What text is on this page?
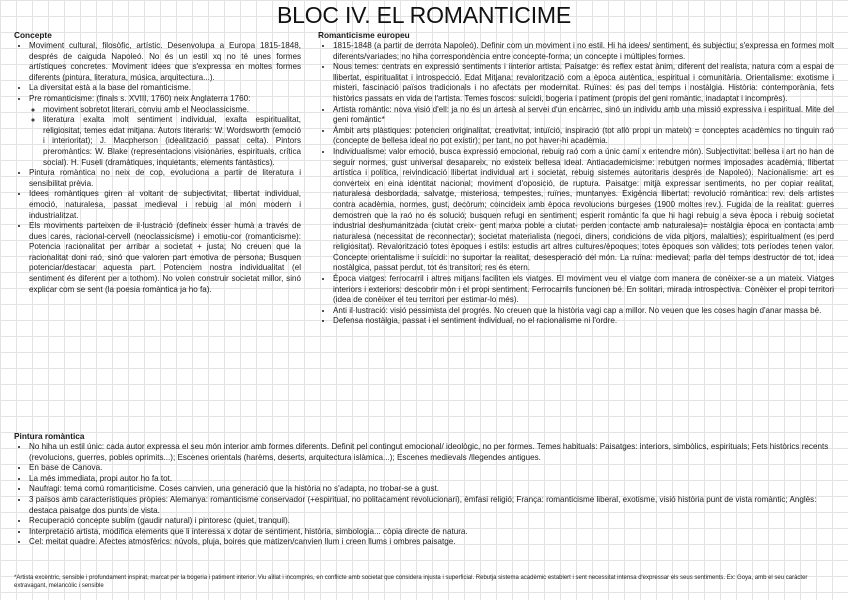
BLOC IV. EL ROMANTICIME
Concepte
• Moviment cultural, filosòfic, artístic. Desenvolupa a Europa 1815-1848, després de caiguda Napoleó. No és un estil xq no té unes formes artístiques concretes. Moviment idees que s'expressa en moltes formes diferents (pintura, literatura, música, arquitectura...).
• La diversitat està a la base del romanticisme.
• Pre romanticisme: (finals s. XVIII, 1760) neix Anglaterra 1760:
◦ moviment sobretot literari, conviu amb el Neoclassicisme.
◦ literatura exalta molt sentiment individual, exalta espiritualitat, religiositat, temes edat mitjana. Autors literaris: W. Wordsworth (emoció i interioritat); J. Macpherson (idealització passat celta). Pintors preromàntics: W. Blake (representacions visionàries, espirituals, crítica social). H. Fuseli (dramàtiques, inquietants, elements fantàstics).
• Pintura romàntica no neix de cop, evoluciona a partir de literatura i sensibilitat prèvia.
• Idees romàntiques giren al voltant de subjectivitat, llibertat individual, emoció, naturalesa, passat medieval i rebuig al món modern i industrialitzat.
• Els moviments parteixen de il·lustració (defineix ésser humà a través de dues cares, racional-cervell (neoclassicisme) i emotiu-cor (romanticisme): Potencia racionalitat per arribar a societat + justa; No creuen que la racionalitat doni raó, sinó que valoren part emotiva de persona; Busquen potenciar/destacar aquesta part. Potenciem nostra individualitat (el sentiment és diferent per a tothom). No volen construir societat millor, sinó explicar com se sent (la poesia romàntica ja ho fa).
Romanticisme europeu
• 1815-1848 (a partir de derrota Napoleó). Definir com un moviment i no estil. Hi ha idees/ sentiment, és subjectiu; s'expressa en formes molt diferents/variades; no hiha correspondència entre concepte-forma; un concepte i múltiples formes.
• Nous temes: centrats en expressió sentiments i iinterior artista. Paisatge: és reflex estat ànim, diferent del realista, natura com a espai de llibertat, espiritualitat i introspecció. Edat Mitjana: revalorització com a època autèntica, espiritual i comunitària. Orientalisme: exotisme i misteri, fascinació països tradicionals i no afectats per modernitat. Ruïnes: és pas del temps i nostàlgia. Història: contemporània, fets històrics passats en vida de l'artista. Temes foscos: suïcidi, bogeria i patiment (propis del geni romàntic, inadaptat i incomprès).
• Artista romàntic: nova visió d'ell: ja no és un artesà al servei d'un encàrrec, sinó un individu amb una missió expressiva i espiritual. Mite del geni romàntic*
• Àmbit arts plàstiques: potencien originalitat, creativitat, intuïció, inspiració (tot allò propi un mateix) = conceptes acadèmics no tinguin raó (concepte de bellesa ideal no pot existir); per tant, no pot haver-hi acadèmia.
• Individualisme: valor emoció, busca expressió emocional, rebuig raó com a únic camí x entendre món). Subjectivitat: bellesa i art no han de seguir normes, gust universal desapareix, no existeix bellesa ideal. Antiacademicisme: rebutgen normes imposades acadèmia, llibertat artística i política, reivindicació llibertat individual art i societat, rebuig sistemes autoritaris després de Napoleó). Nacionalisme: art es converteix en eina identitat nacional; moviment d'oposició, de ruptura. Paisatge: mitjà expressar sentiments, no per copiar realitat, naturalesa desbordada, salvatge, misteriosa, tempestes, ruïnes, muntanyes. Exigència llibertat: revolució romàntica: rev. dels artistes contra acadèmia, normes, gust, decòrum; coincideix amb època revolucions burgeses (1900 moltes rev.). Fugida de la realitat: guerres demostren que la raó no és solució; busquen refugi en sentiment; esperit romàntic fa que hi hagi rebuig a seva època i rebuig societat industrial deshumanitzada (ciutat creix- gent marxa poble a ciutat- perden contacte amb naturalesa)= nostàlgia època en contacta amb naturalesa (necessitat de reconnectar); societat materialista (negoci, diners, condicions de vida pitjors, malalties); espiritualment (es perd religiositat). Revalorització totes èpoques i estils: estudis art altres cultures/èpoques; totes èpoques son vàlides; tots períodes tenen valor. Concepte orientalisme i suïcidi: no suportar la realitat, desesperació del món. La ruïna: medieval; parla del temps destructor de tot, idea nostàlgica, passat perdut, tot és transitori; res és etern.
• Època viatges: ferrocarril i altres mitjans faciliten els viatges. El moviment veu el viatge com manera de conèixer-se a un mateix. Viatges interiors i exteriors: descobrir món i el propi sentiment. Ferrocarrils funcionen bé. En solitari, mirada introspectiva. Conèixer el propi territori (idea de conèixer el teu territori per estimar-lo més).
• Anti il·lustració: visió pessimista del progrés. No creuen que la història vagi cap a millor. No veuen que les coses hagin d'anar massa bé.
• Defensa nostàlgia, passat i el sentiment individual, no el racionalisme ni l'ordre.
Pintura romàntica
• No hiha un estil únic: cada autor expressa el seu món interior amb formes diferents. Definit pel contingut emocional/ ideològic, no per formes. Temes habituals: Paisatges: interiors, simbòlics, espirituals; Fets històrics recents (revolucions, guerres, pobles oprimits...); Escenes orientals (harèms, deserts, arquitectura islàmica...); Escenes medievals /llegendes antigues.
• En base de Canova.
• La més immediata, propi autor ho fa tot.
• Naufragi: tema comú romanticisme. Coses canvien, una generació que la història no s'adapta, no trobar-se a gust.
• 3 països amb característiques pròpies: Alemanya: romanticisme conservador (+espiritual, no politacament revolucionari), èmfasi religió; França: romanticisme liberal, exotisme, visió història punt de vista romàntic; Anglès: destaca paisatge dos punts de vista.
• Recuperació concepte sublim (gaudir natural) i pintoresc (quiet, tranquil).
• Interpretació artista, modifica elements que li interessa x dotar de sentiment, història, simbologia... còpia directe de natura.
• Cel: meitat quadre. Afectes atmosfèrics: núvols, pluja, boires que matizen/canvien llum i creen llums i ombres paisatge.
*Artista excèntric, sensible i profundament inspirat, marcat per la bogeria i patiment interior. Viu aïllat i incomprès, en conflicte amb societat que considera injusta i superficial. Rebutja sistema acadèmic establert i sent necessitat intensa d'expressar els seus sentiments. Ex: Goya, amb el seu caràcter extravagant, melancòlic i sensible
